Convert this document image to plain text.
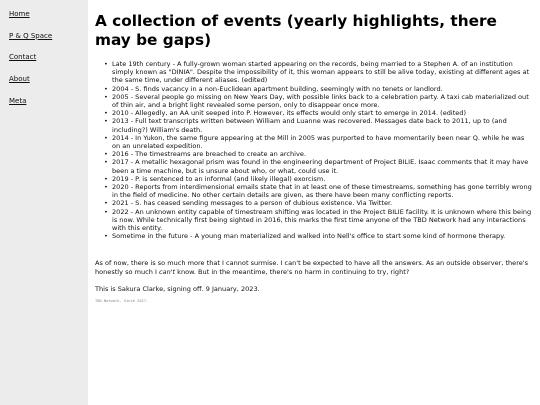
Home
P & Q Space
Contact
About
Meta
A collection of events (yearly highlights, there may be gaps)
• Late 19th century - A fully-grown woman started appearing on the records, being married to a Stephen A. of an institution simply known as "DINIA". Despite the impossibility of it, this woman appears to still be alive today, existing at different ages at the same time, under different aliases. (edited)
• 2004 - S. finds vacancy in a non-Euclidean apartment building, seemingly with no tenets or landlord.
• 2005 - Several people go missing on New Years Day, with possible links back to a celebration party. A taxi cab materialized out of thin air, and a bright light revealed some person, only to disappear once more.
• 2010 - Allegedly, an AA unit seeped into P. However, its effects would only start to emerge in 2014. (edited)
• 2013 - Full text transcripts written between William and Luanne was recovered. Messages date back to 2011, up to (and including?) William's death.
• 2014 - In Yukon, the same figure appearing at the Mill in 2005 was purported to have momentarily been near Q. while he was on an unrelated expedition.
• 2016 - The timestreams are breached to create an archive.
• 2017 - A metallic hexagonal prism was found in the engineering department of Project BILIE. Isaac comments that it may have been a time machine, but is unsure about who, or what, could use it.
• 2019 - P. is sentenced to an informal (and likely illegal) exorcism.
• 2020 - Reports from interdimensional emails state that in at least one of these timestreams, something has gone terribly wrong in the field of medicine. No other certain details are given, as there have been many conflicting reports.
• 2021 - S. has ceased sending messages to a person of dubious existence. Via Twitter.
• 2022 - An unknown entity capable of timestream shifting was located in the Project BILIE facility. It is unknown where this being is now. While technically first being sighted in 2016, this marks the first time anyone of the TBD Network had any interactions with this entity.
• Sometime in the future - A young man materialized and walked into Nell's office to start some kind of hormone therapy.

As of now, there is so much more that I cannot surmise. I can't be expected to have all the answers. As an outside observer, there's honestly so much I can't know. But in the meantime, there's no harm in continuing to try, right?

This is Sakura Clarke, signing off. 9 January, 2023.

TBD Network. Since 2017.
